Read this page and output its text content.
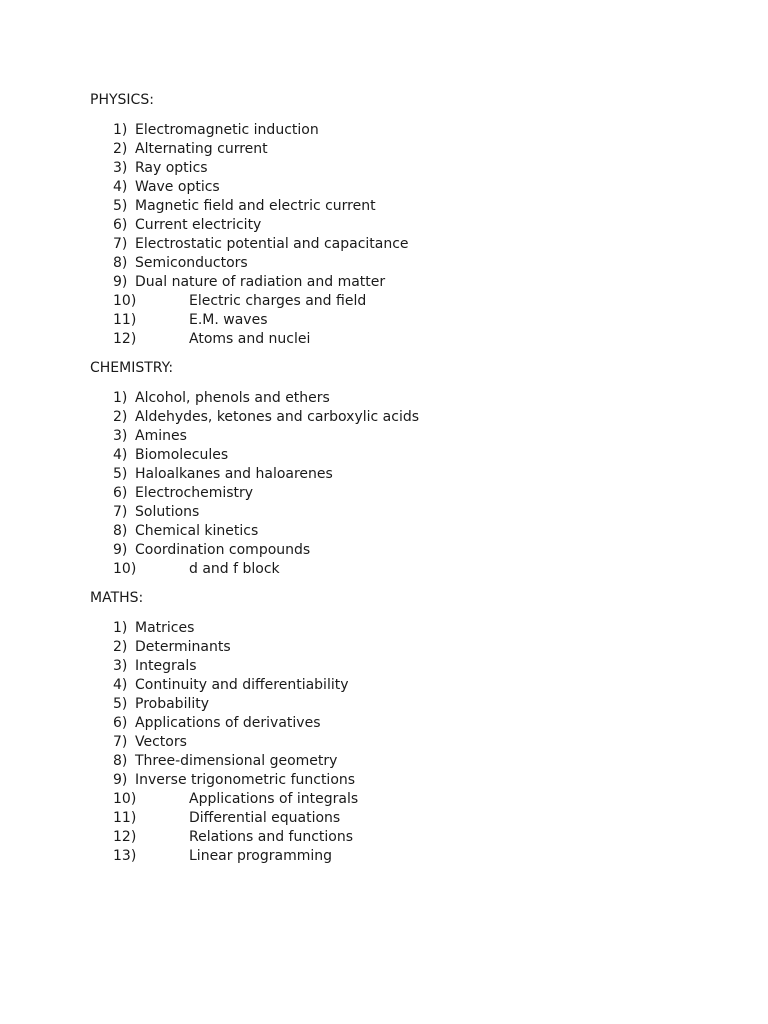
PHYSICS:
1) Electromagnetic induction
2) Alternating current
3) Ray optics
4) Wave optics
5) Magnetic field and electric current
6) Current electricity
7) Electrostatic potential and capacitance
8) Semiconductors
9) Dual nature of radiation and matter
10)	Electric charges and field
11)	E.M. waves
12)	Atoms and nuclei
CHEMISTRY:
1) Alcohol, phenols and ethers
2) Aldehydes, ketones and carboxylic acids
3) Amines
4) Biomolecules
5) Haloalkanes and haloarenes
6) Electrochemistry
7) Solutions
8) Chemical kinetics
9) Coordination compounds
10)	d and f block
MATHS:
1) Matrices
2) Determinants
3) Integrals
4) Continuity and differentiability
5) Probability
6) Applications of derivatives
7) Vectors
8) Three-dimensional geometry
9) Inverse trigonometric functions
10)	Applications of integrals
11)	Differential equations
12)	Relations and functions
13)	Linear programming
